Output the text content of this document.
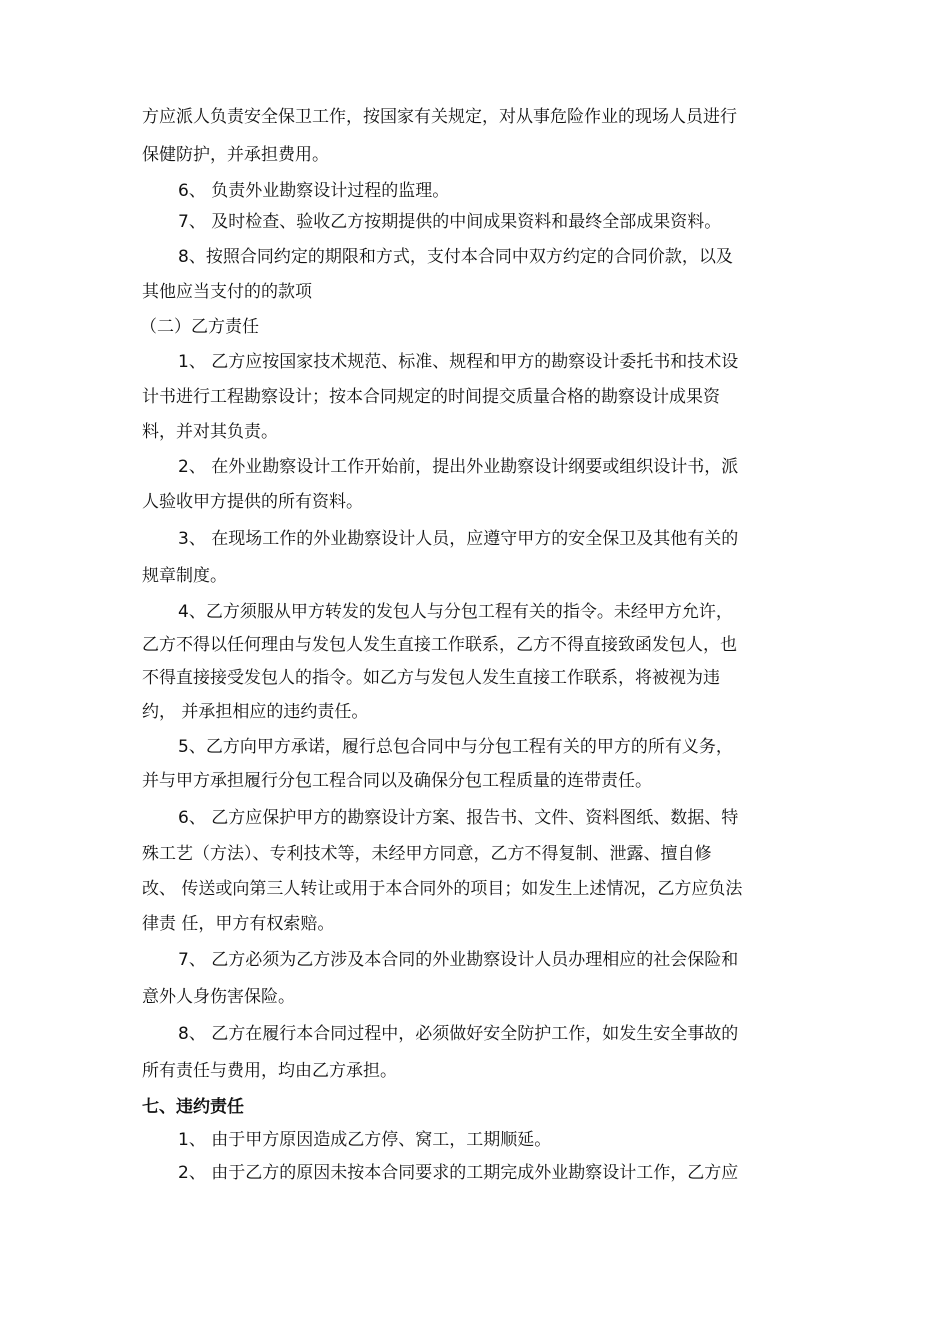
方应派人负责安全保卫工作，按国家有关规定，对从事危险作业的现场人员进行
保健防护，并承担费用。
6、 负责外业勘察设计过程的监理。
7、 及时检查、验收乙方按期提供的中间成果资料和最终全部成果资料。
8、按照合同约定的期限和方式，支付本合同中双方约定的合同价款，以及
其他应当支付的的款项
（二）乙方责任
1、 乙方应按国家技术规范、标准、规程和甲方的勘察设计委托书和技术设
计书进行工程勘察设计；按本合同规定的时间提交质量合格的勘察设计成果资
料，并对其负责。
2、 在外业勘察设计工作开始前，提出外业勘察设计纲要或组织设计书，派
人验收甲方提供的所有资料。
3、 在现场工作的外业勘察设计人员，应遵守甲方的安全保卫及其他有关的
规章制度。
4、乙方须服从甲方转发的发包人与分包工程有关的指令。未经甲方允许，
乙方不得以任何理由与发包人发生直接工作联系，乙方不得直接致函发包人，也
不得直接接受发包人的指令。如乙方与发包人发生直接工作联系，将被视为违
约， 并承担相应的违约责任。
5、乙方向甲方承诺，履行总包合同中与分包工程有关的甲方的所有义务，
并与甲方承担履行分包工程合同以及确保分包工程质量的连带责任。
6、 乙方应保护甲方的勘察设计方案、报告书、文件、资料图纸、数据、特
殊工艺（方法）、专利技术等，未经甲方同意，乙方不得复制、泄露、擅自修
改、 传送或向第三人转让或用于本合同外的项目；如发生上述情况，乙方应负法
律责 任，甲方有权索赔。
7、 乙方必须为乙方涉及本合同的外业勘察设计人员办理相应的社会保险和
意外人身伤害保险。
8、 乙方在履行本合同过程中，必须做好安全防护工作，如发生安全事故的
所有责任与费用，均由乙方承担。
七、违约责任
1、 由于甲方原因造成乙方停、窝工，工期顺延。
2、 由于乙方的原因未按本合同要求的工期完成外业勘察设计工作，乙方应
